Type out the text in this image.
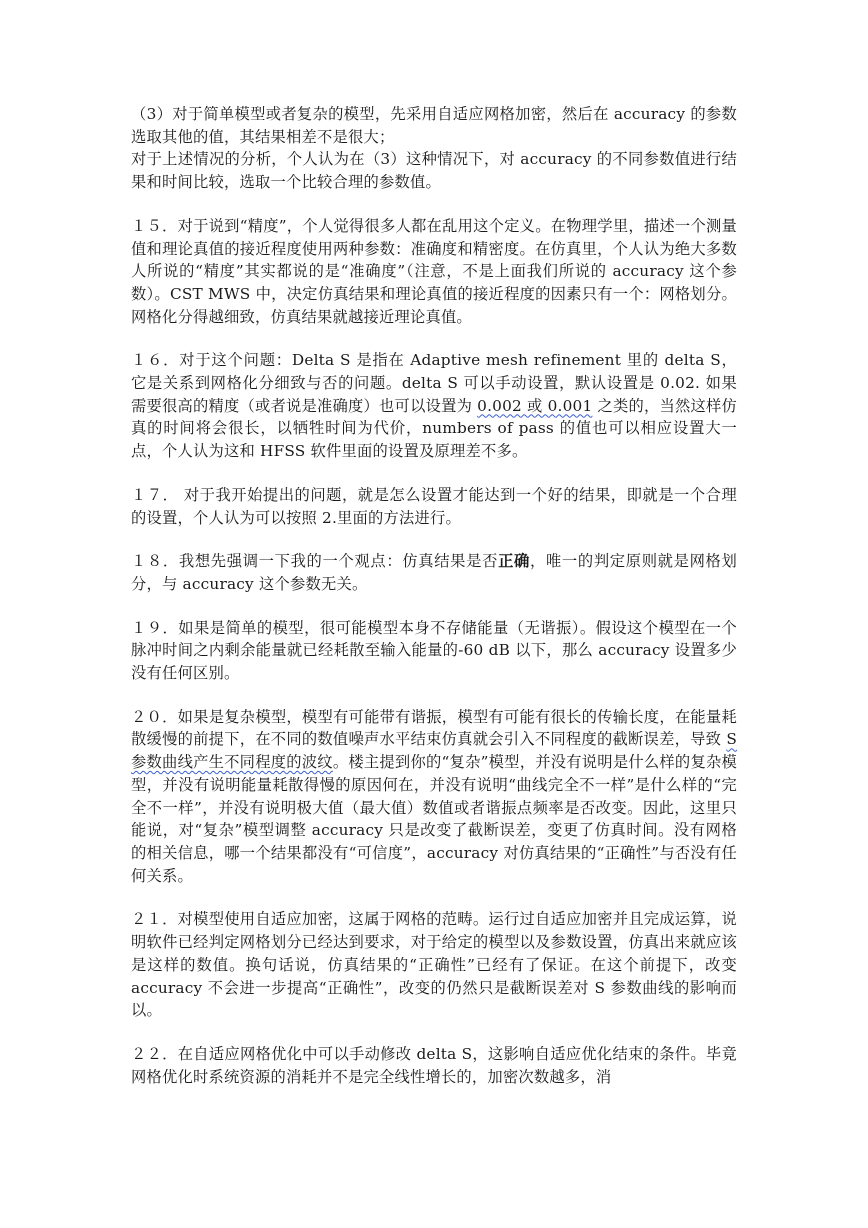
（3）对于简单模型或者复杂的模型，先采用自适应网格加密，然后在 accuracy 的参数选取其他的值，其结果相差不是很大；

对于上述情况的分析，个人认为在（3）这种情况下，对 accuracy 的不同参数值进行结果和时间比较，选取一个比较合理的参数值。

１５．对于说到“精度”，个人觉得很多人都在乱用这个定义。在物理学里，描述一个测量值和理论真值的接近程度使用两种参数：准确度和精密度。在仿真里，个人认为绝大多数人所说的“精度”其实都说的是“准确度”（注意，不是上面我们所说的 accuracy 这个参数）。CST MWS 中，决定仿真结果和理论真值的接近程度的因素只有一个：网格划分。网格化分得越细致，仿真结果就越接近理论真值。

１６．对于这个问题：Delta S 是指在 Adaptive mesh refinement 里的 delta S，它是关系到网格化分细致与否的问题。delta S 可以手动设置，默认设置是 0.02. 如果需要很高的精度（或者说是准确度）也可以设置为 0.002 或 0.001 之类的，当然这样仿真的时间将会很长，以牺牲时间为代价，numbers of pass 的值也可以相应设置大一点，个人认为这和 HFSS 软件里面的设置及原理差不多。

１７． 对于我开始提出的问题，就是怎么设置才能达到一个好的结果，即就是一个合理的设置，个人认为可以按照 2.里面的方法进行。

１８．我想先强调一下我的一个观点：仿真结果是否正确，唯一的判定原则就是网格划分，与 accuracy 这个参数无关。

１９．如果是简单的模型，很可能模型本身不存储能量（无谐振）。假设这个模型在一个脉冲时间之内剩余能量就已经耗散至输入能量的-60 dB 以下，那么 accuracy 设置多少没有任何区别。

２０．如果是复杂模型，模型有可能带有谐振，模型有可能有很长的传输长度，在能量耗散缓慢的前提下，在不同的数值噪声水平结束仿真就会引入不同程度的截断误差，导致 S 参数曲线产生不同程度的波纹。楼主提到你的“复杂”模型，并没有说明是什么样的复杂模型，并没有说明能量耗散得慢的原因何在，并没有说明“曲线完全不一样”是什么样的“完全不一样”，并没有说明极大值（最大值）数值或者谐振点频率是否改变。因此，这里只能说，对“复杂”模型调整 accuracy 只是改变了截断误差，变更了仿真时间。没有网格的相关信息，哪一个结果都没有“可信度”，accuracy 对仿真结果的“正确性”与否没有任何关系。

２１．对模型使用自适应加密，这属于网格的范畴。运行过自适应加密并且完成运算，说明软件已经判定网格划分已经达到要求，对于给定的模型以及参数设置，仿真出来就应该是这样的数值。换句话说，仿真结果的“正确性”已经有了保证。在这个前提下，改变 accuracy 不会进一步提高“正确性”，改变的仍然只是截断误差对 S 参数曲线的影响而以。

２２．在自适应网格优化中可以手动修改 delta S，这影响自适应优化结束的条件。毕竟网格优化时系统资源的消耗并不是完全线性增长的，加密次数越多，消
